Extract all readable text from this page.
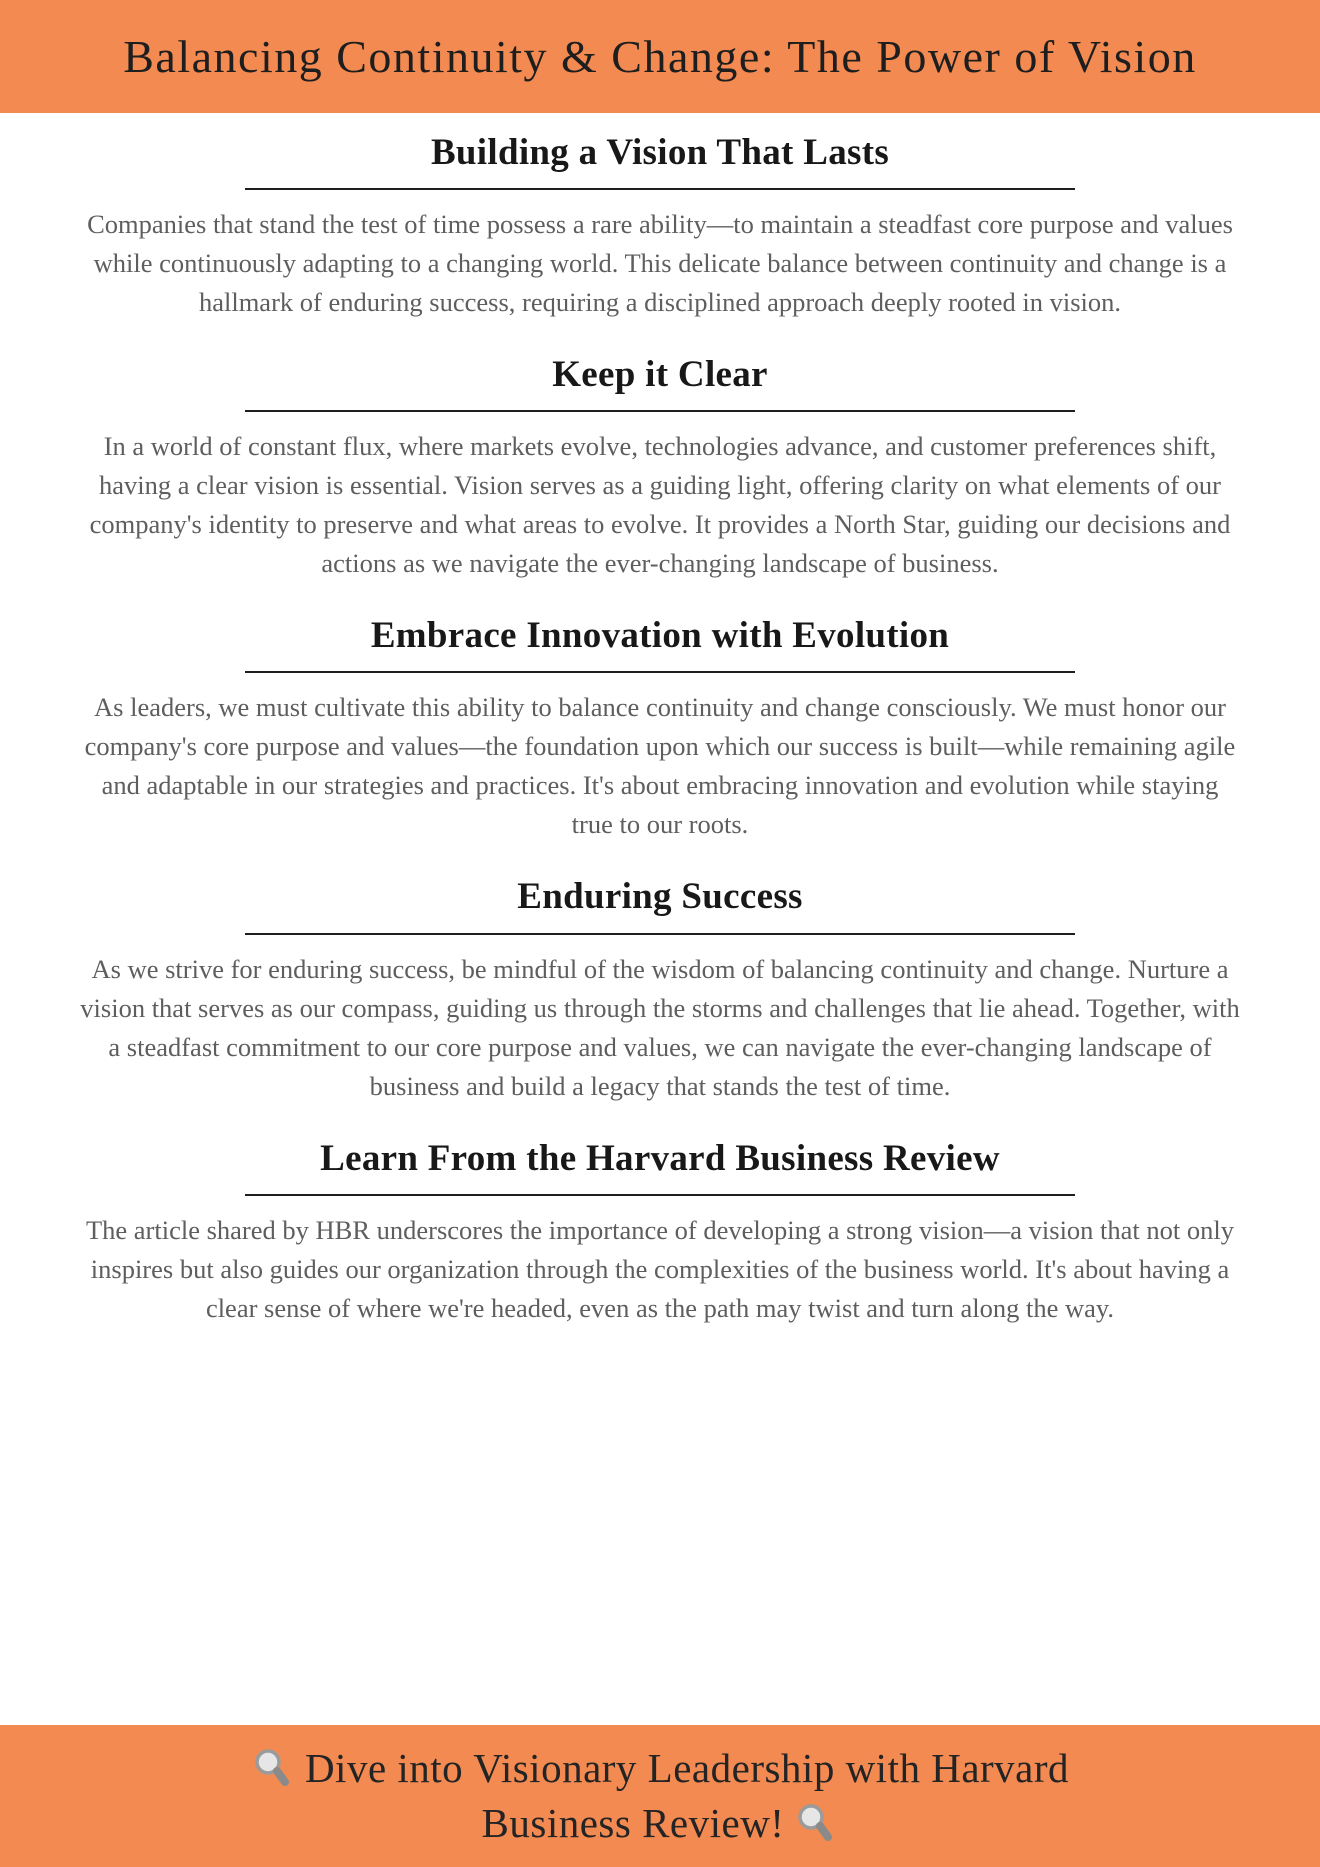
Balancing Continuity & Change: The Power of Vision
Building a Vision That Lasts

Companies that stand the test of time possess a rare ability—to maintain a steadfast core purpose and values while continuously adapting to a changing world. This delicate balance between continuity and change is a hallmark of enduring success, requiring a disciplined approach deeply rooted in vision.

Keep it Clear

In a world of constant flux, where markets evolve, technologies advance, and customer preferences shift, having a clear vision is essential. Vision serves as a guiding light, offering clarity on what elements of our company's identity to preserve and what areas to evolve. It provides a North Star, guiding our decisions and actions as we navigate the ever-changing landscape of business.

Embrace Innovation with Evolution

As leaders, we must cultivate this ability to balance continuity and change consciously. We must honor our company's core purpose and values—the foundation upon which our success is built—while remaining agile and adaptable in our strategies and practices. It's about embracing innovation and evolution while staying true to our roots.

Enduring Success

As we strive for enduring success, be mindful of the wisdom of balancing continuity and change. Nurture a vision that serves as our compass, guiding us through the storms and challenges that lie ahead. Together, with a steadfast commitment to our core purpose and values, we can navigate the ever-changing landscape of business and build a legacy that stands the test of time.

Learn From the Harvard Business Review

The article shared by HBR underscores the importance of developing a strong vision—a vision that not only inspires but also guides our organization through the complexities of the business world. It's about having a clear sense of where we're headed, even as the path may twist and turn along the way.

Dive into Visionary Leadership with Harvard
Business Review!
